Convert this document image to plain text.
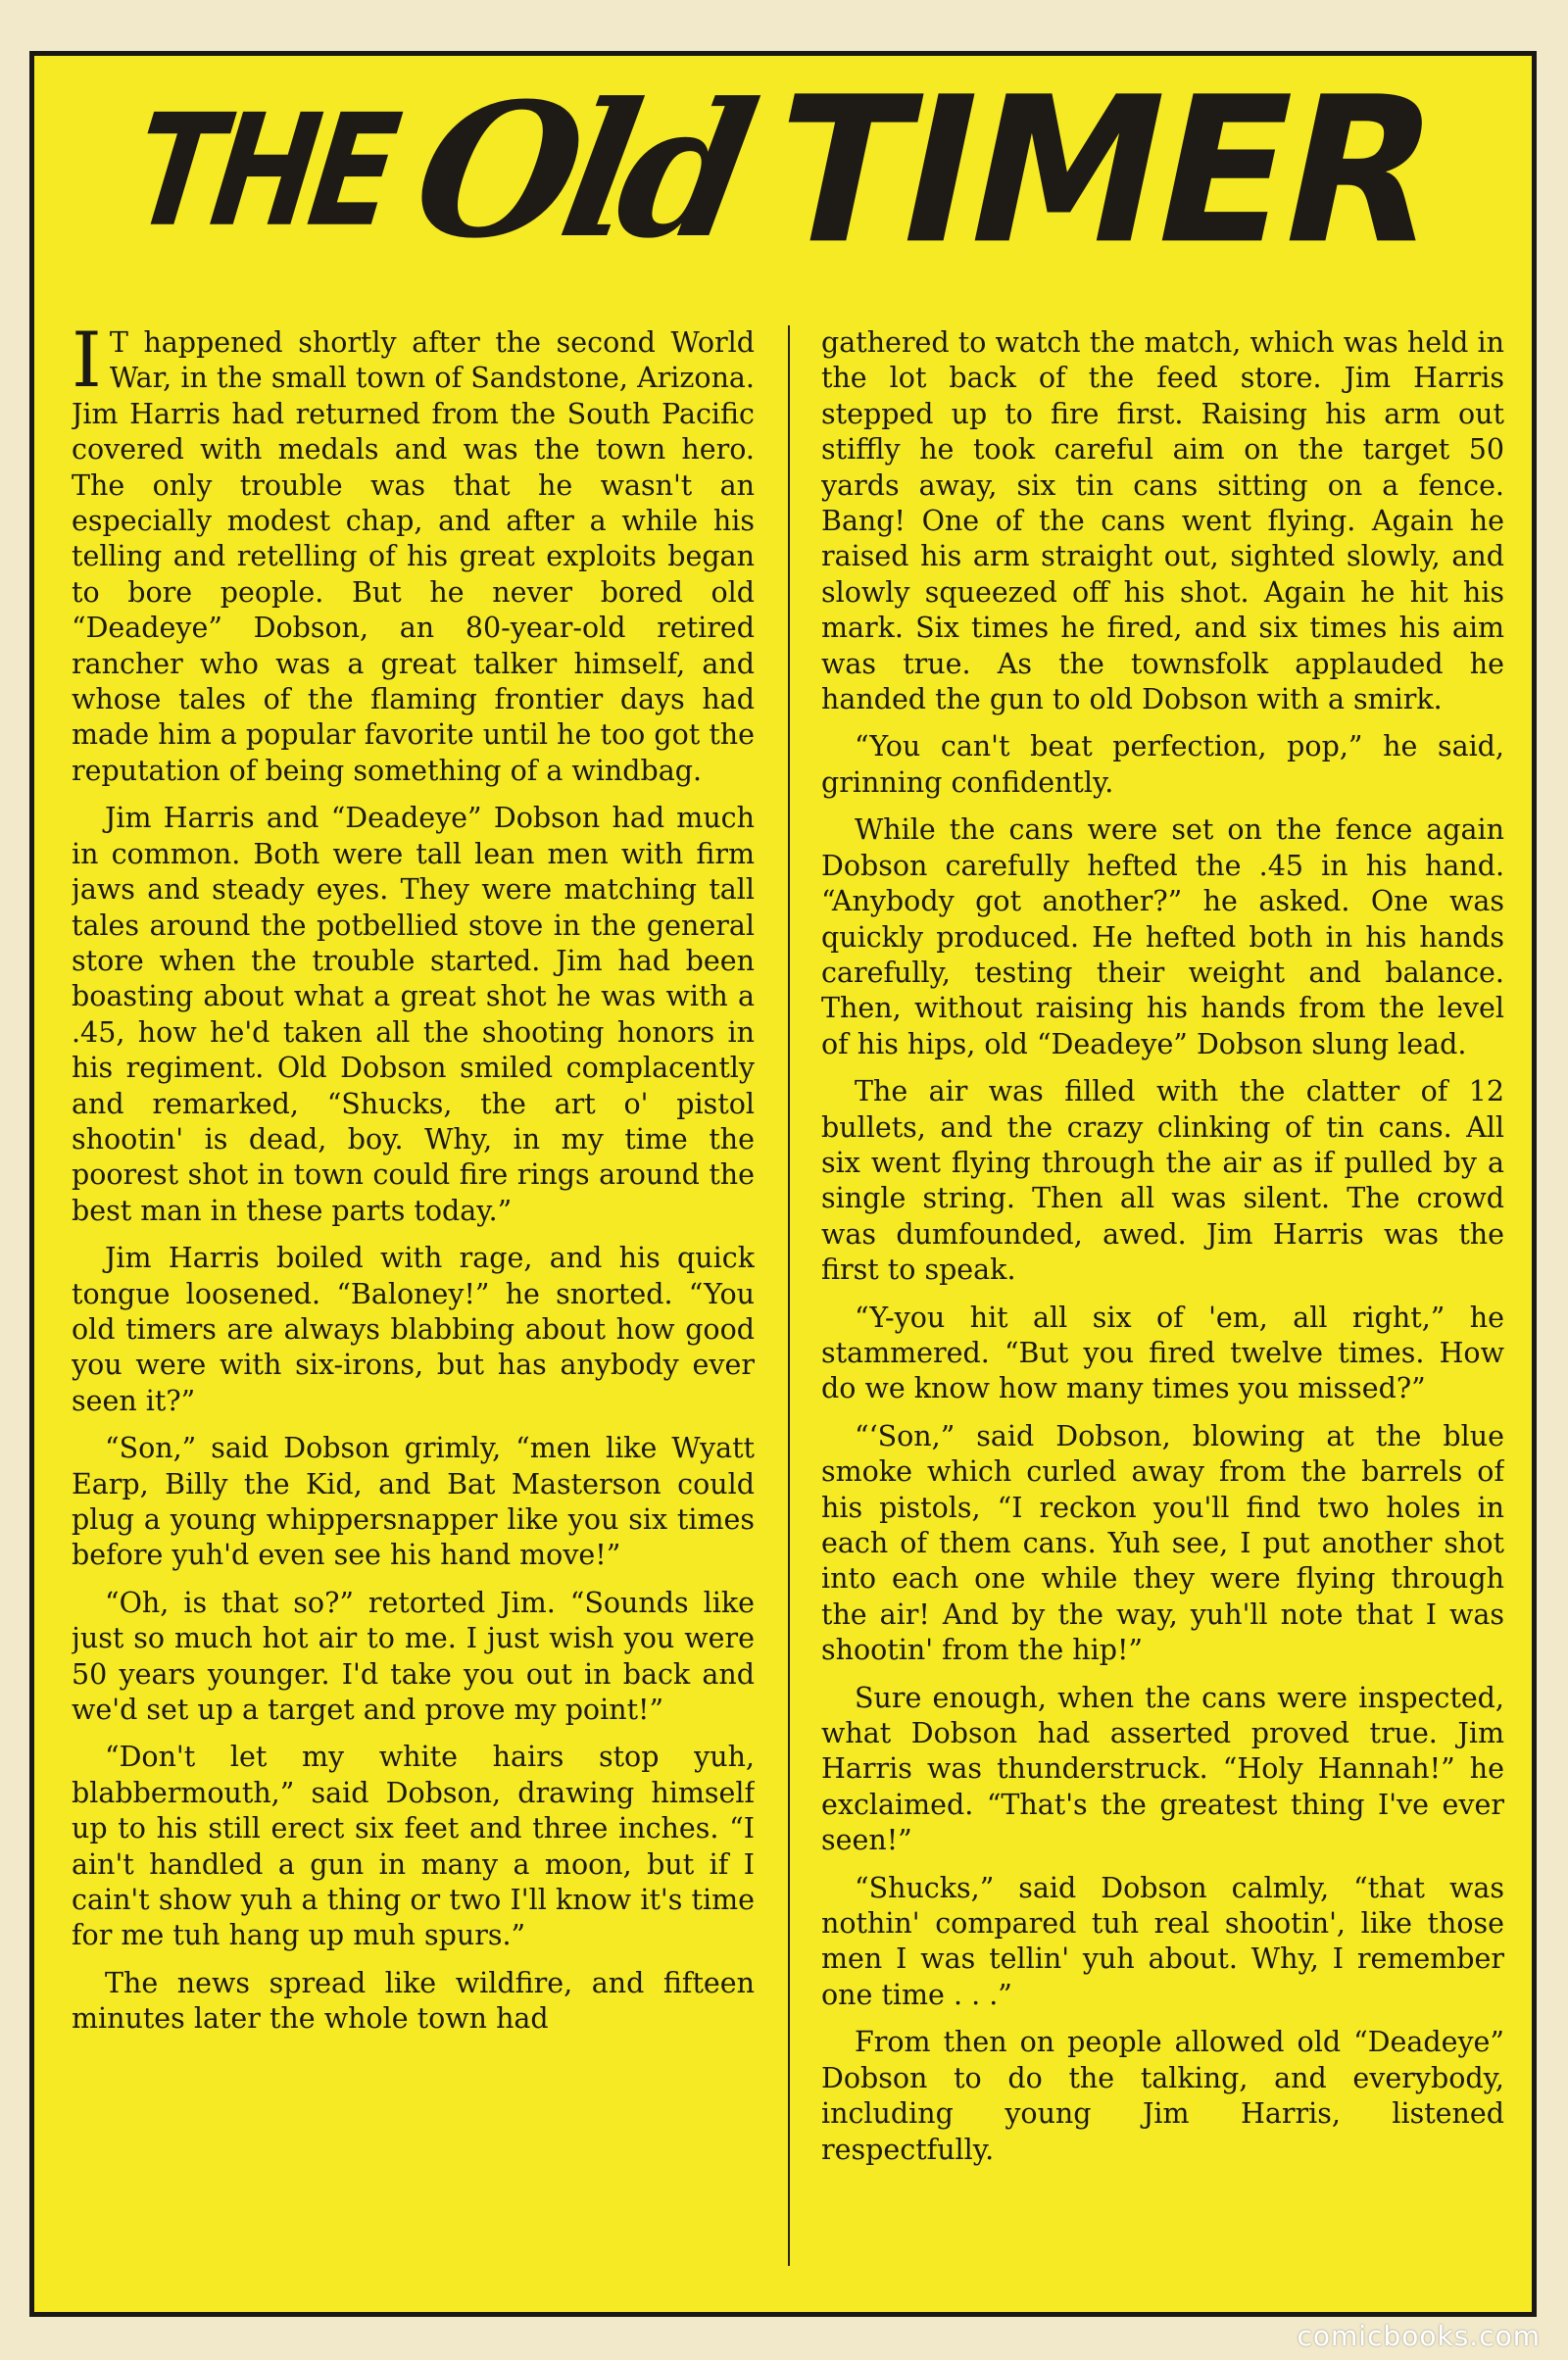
THEOldTIMER

I T happened shortly after the second World War, in the small town of Sandstone, Arizona. Jim Harris had returned from the South Pacific covered with medals and was the town hero. The only trouble was that he wasn't an especially modest chap, and after a while his telling and retelling of his great exploits began to bore people. But he never bored old “Deadeye” Dobson, an 80-year-old retired rancher who was a great talker himself, and whose tales of the flaming frontier days had made him a popular favorite until he too got the reputation of being something of a windbag.

Jim Harris and “Deadeye” Dobson had much in common. Both were tall lean men with firm jaws and steady eyes. They were matching tall tales around the potbellied stove in the general store when the trouble started. Jim had been boasting about what a great shot he was with a .45, how he'd taken all the shooting honors in his regiment. Old Dobson smiled complacently and remarked, “Shucks, the art o' pistol shootin' is dead, boy. Why, in my time the poorest shot in town could fire rings around the best man in these parts today.”

Jim Harris boiled with rage, and his quick tongue loosened. “Baloney!” he snorted. “You old timers are always blabbing about how good you were with six-irons, but has anybody ever seen it?”

“Son,” said Dobson grimly, “men like Wyatt Earp, Billy the Kid, and Bat Masterson could plug a young whippersnapper like you six times before yuh'd even see his hand move!”

“Oh, is that so?” retorted Jim. “Sounds like just so much hot air to me. I just wish you were 50 years younger. I'd take you out in back and we'd set up a target and prove my point!”

“Don't let my white hairs stop yuh, blabbermouth,” said Dobson, drawing himself up to his still erect six feet and three inches. “I ain't handled a gun in many a moon, but if I cain't show yuh a thing or two I'll know it's time for me tuh hang up muh spurs.”

The news spread like wildfire, and fifteen minutes later the whole town had

gathered to watch the match, which was held in the lot back of the feed store. Jim Harris stepped up to fire first. Raising his arm out stiffly he took careful aim on the target 50 yards away, six tin cans sitting on a fence. Bang! One of the cans went flying. Again he raised his arm straight out, sighted slowly, and slowly squeezed off his shot. Again he hit his mark. Six times he fired, and six times his aim was true. As the townsfolk applauded he handed the gun to old Dobson with a smirk.

“You can't beat perfection, pop,” he said, grinning confidently.

While the cans were set on the fence again Dobson carefully hefted the .45 in his hand. “Anybody got another?” he asked. One was quickly produced. He hefted both in his hands carefully, testing their weight and balance. Then, without raising his hands from the level of his hips, old “Deadeye” Dobson slung lead.

The air was filled with the clatter of 12 bullets, and the crazy clinking of tin cans. All six went flying through the air as if pulled by a single string. Then all was silent. The crowd was dumfounded, awed. Jim Harris was the first to speak.

“Y-you hit all six of 'em, all right,” he stammered. “But you fired twelve times. How do we know how many times you missed?”

“‘Son,” said Dobson, blowing at the blue smoke which curled away from the barrels of his pistols, “I reckon you'll find two holes in each of them cans. Yuh see, I put another shot into each one while they were flying through the air! And by the way, yuh'll note that I was shootin' from the hip!”

Sure enough, when the cans were inspected, what Dobson had asserted proved true. Jim Harris was thunderstruck. “Holy Hannah!” he exclaimed. “That's the greatest thing I've ever seen!”

“Shucks,” said Dobson calmly, “that was nothin' compared tuh real shootin', like those men I was tellin' yuh about. Why, I remember one time . . .”

From then on people allowed old “Deadeye” Dobson to do the talking, and everybody, including young Jim Harris, listened respectfully.

comicbooks.com
